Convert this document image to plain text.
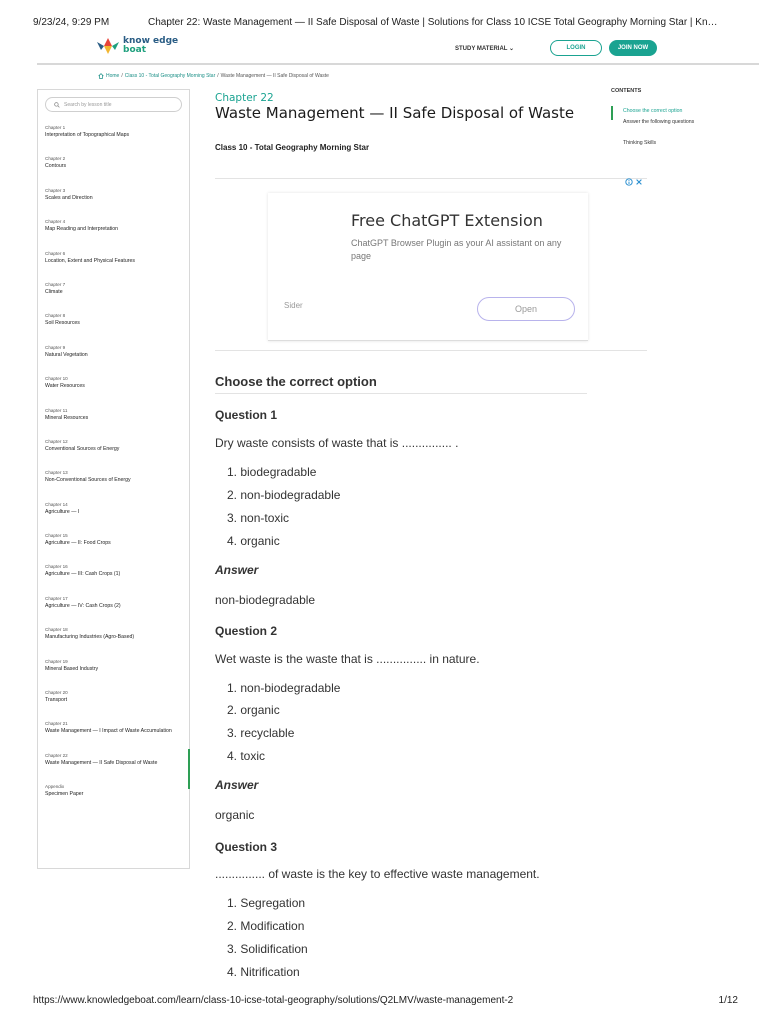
9/23/24, 9:29 PM	Chapter 22: Waste Management — II Safe Disposal of Waste | Solutions for Class 10 ICSE Total Geography Morning Star | Kn…
know edge
boat	STUDY MATERIAL ⌄	LOGIN	JOIN NOW
Home / Class 10 - Total Geography Morning Star / Waste Management — II Safe Disposal of Waste
Search by lesson title
Chapter 1
Interpretation of Topographical Maps
Chapter 2
Contours
Chapter 3
Scales and Direction
Chapter 4
Map Reading and Interpretation
Chapter 6
Location, Extent and Physical Features
Chapter 7
Climate
Chapter 8
Soil Resources
Chapter 9
Natural Vegetation
Chapter 10
Water Resources
Chapter 11
Mineral Resources
Chapter 12
Conventional Sources of Energy
Chapter 13
Non-Conventional Sources of Energy
Chapter 14
Agriculture — I
Chapter 15
Agriculture — II: Food Crops
Chapter 16
Agriculture — III: Cash Crops (1)
Chapter 17
Agriculture — IV: Cash Crops (2)
Chapter 18
Manufacturing Industries (Agro-Based)
Chapter 19
Mineral Based Industry
Chapter 20
Transport
Chapter 21
Waste Management — I Impact of Waste Accumulation
Chapter 22
Waste Management — II Safe Disposal of Waste
Appendix
Specimen Paper
Chapter 22
Waste Management — II Safe Disposal of Waste
Class 10 - Total Geography Morning Star
Free ChatGPT Extension
ChatGPT Browser Plugin as your AI assistant on any page
Sider	Open
Choose the correct option
Question 1
Dry waste consists of waste that is ............... .
1. biodegradable
2. non-biodegradable
3. non-toxic
4. organic
Answer
non-biodegradable
Question 2
Wet waste is the waste that is ............... in nature.
1. non-biodegradable
2. organic
3. recyclable
4. toxic
Answer
organic
Question 3
............... of waste is the key to effective waste management.
1. Segregation
2. Modification
3. Solidification
4. Nitrification
CONTENTS
Choose the correct option
Answer the following questions
Thinking Skills
https://www.knowledgeboat.com/learn/class-10-icse-total-geography/solutions/Q2LMV/waste-management-2	1/12
